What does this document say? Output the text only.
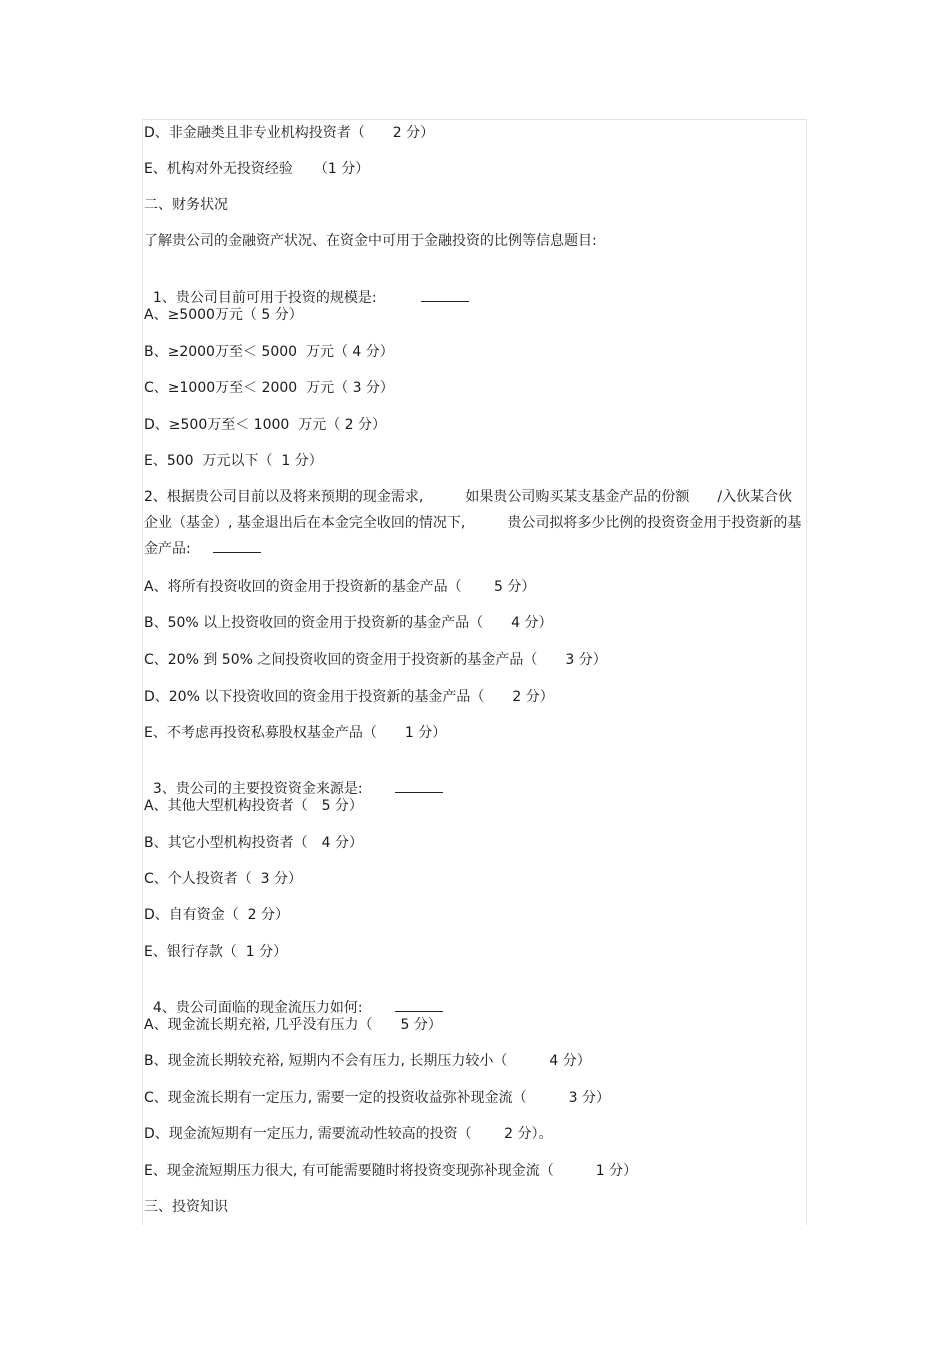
D、非金融类且非专业机构投资者（　　2 分）
E、机构对外无投资经验　　（1 分）
二、财务状况
了解贵公司的金融资产状况、在资金中可用于金融投资的比例等信息题目:

1、贵公司目前可用于投资的规模是:

A、≥5000万元（ 5 分）
B、≥2000万至＜ 5000  万元（ 4 分）
C、≥1000万至＜ 2000  万元（ 3 分）
D、≥500万至＜ 1000  万元（ 2 分）
E、500  万元以下（  1 分）
2、根据贵公司目前以及将来预期的现金需求,　　　如果贵公司购买某支基金产品的份额　　/入伙某合伙企业（基金）, 基金退出后在本金完全收回的情况下,　　　贵公司拟将多少比例的投资资金用于投资新的基金产品:
A、将所有投资收回的资金用于投资新的基金产品（　　 5 分）
B、50% 以上投资收回的资金用于投资新的基金产品（　　4 分）
C、20% 到 50% 之间投资收回的资金用于投资新的基金产品（　　3 分）
D、20% 以下投资收回的资金用于投资新的基金产品（　　2 分）
E、不考虑再投资私募股权基金产品（　　1 分）

3、贵公司的主要投资资金来源是:

A、其他大型机构投资者（　5 分）
B、其它小型机构投资者（　4 分）
C、个人投资者（  3 分）
D、自有资金（  2 分）
E、银行存款（  1 分）

4、贵公司面临的现金流压力如何:

A、现金流长期充裕, 几乎没有压力（　　5 分）
B、现金流长期较充裕, 短期内不会有压力, 长期压力较小（　　　4 分）
C、现金流长期有一定压力, 需要一定的投资收益弥补现金流（　　　3 分）
D、现金流短期有一定压力, 需要流动性较高的投资（　　 2 分）。
E、现金流短期压力很大, 有可能需要随时将投资变现弥补现金流（　　　1 分）
三、投资知识
